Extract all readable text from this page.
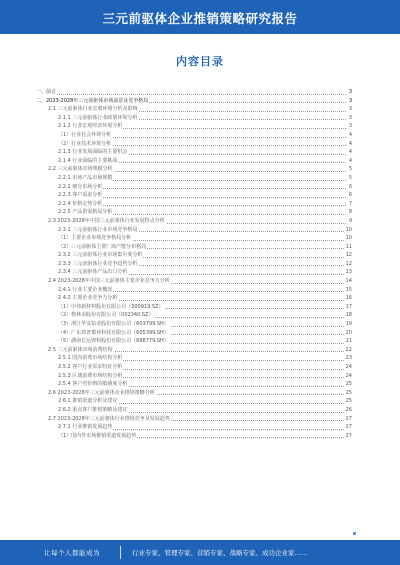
三元前驱体企业推销策略研究报告
内容目录
一、前言	3
二、2023-2028年三元前驱体市场前景及竞争格局	3
2.1 三元前驱体行业宏观环境分析及影响	3
2.1.1 三元前驱体行业政策环境分析	3
2.1.2 行业宏观经济环境分析	3
（1）行业社会环境分析	4
（2）行业技术环境分析	4
2.1.3 行业发展面临的主要机会	4
2.1.4 行业面临的主要挑战	4
2.2 三元前驱体市场规模分析	5
2.2.1 市场产品市场规模	5
2.2.2 细分市场分析	6
2.2.3 客户需求分析	6
2.2.4 价格走势分析	7
2.2.5 产品供需格局分析	8
2.3 2023-2028年中国三元前驱体行业发展特点分析	9
2.3.1 三元前驱体行业市场竞争格局	10
（1）主要企业市场竞争格局分析	10
（2）三元前驱体主要厂商产能分布格局	11
2.3.2 三元前驱体行业市场集中度分析	12
2.3.3 三元前驱体行业竞争趋势分析	12
2.3.4 三元前驱体产品出口分析	13
2.4 2023-2028年中国三元前驱体主要企业竞争力分析	14
2.4.1 行业主要企业概况	15
2.4.2 主要企业竞争力分析	16
（1）中伟新材料股份有限公司（300919.SZ）	17
（2）格林美股份有限公司（002340.SZ）	18
（3）浙江华友钴业股份有限公司（603799.SH）	19
（4）广东邦普循环科技有限公司（605399.SH）	20
（5）湖南长远锂科股份有限公司（688779.SH）	21
2.5 三元前驱体市场消费结构	22
2.5.1 国内消费市场结构分析	23
2.5.2 客户行业需求特征分析	24
2.5.3 区域消费市场结构分析	24
2.5.4 客户对价格的敏感度分析	25
2.6 2023-2028年三元前驱体企业推销策略分析	25
2.6.1 推销渠道分析及建议	25
2.6.2 重点客户推销策略及建议	26
2.7 2023-2028年三元前驱体行业推销竞争及发展趋势	27
2.7.1 行业推销发展趋势	27
（1）国内外市场推销渠道发展趋势	27
让每个人都能成为	行业专家、管理专家、营销专家、战略专家、成功企业家……
